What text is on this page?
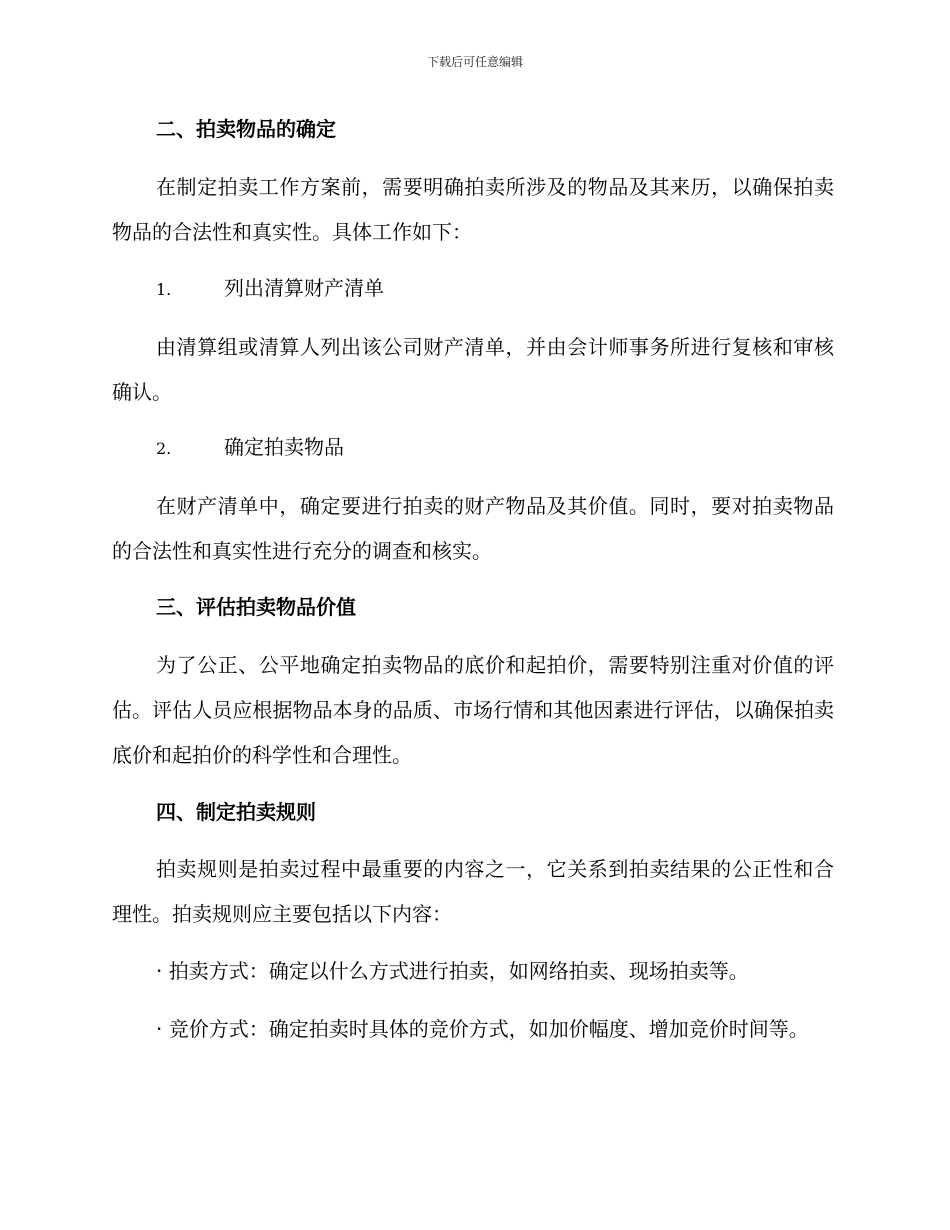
下载后可任意编辑
二、拍卖物品的确定
在制定拍卖工作方案前，需要明确拍卖所涉及的物品及其来历，以确保拍卖物品的合法性和真实性。具体工作如下：
1.	列出清算财产清单
由清算组或清算人列出该公司财产清单，并由会计师事务所进行复核和审核确认。
2.	确定拍卖物品
在财产清单中，确定要进行拍卖的财产物品及其价值。同时，要对拍卖物品的合法性和真实性进行充分的调查和核实。
三、评估拍卖物品价值
为了公正、公平地确定拍卖物品的底价和起拍价，需要特别注重对价值的评估。评估人员应根据物品本身的品质、市场行情和其他因素进行评估，以确保拍卖底价和起拍价的科学性和合理性。
四、制定拍卖规则
拍卖规则是拍卖过程中最重要的内容之一，它关系到拍卖结果的公正性和合理性。拍卖规则应主要包括以下内容：
· 拍卖方式：确定以什么方式进行拍卖，如网络拍卖、现场拍卖等。
· 竞价方式：确定拍卖时具体的竞价方式，如加价幅度、增加竞价时间等。
